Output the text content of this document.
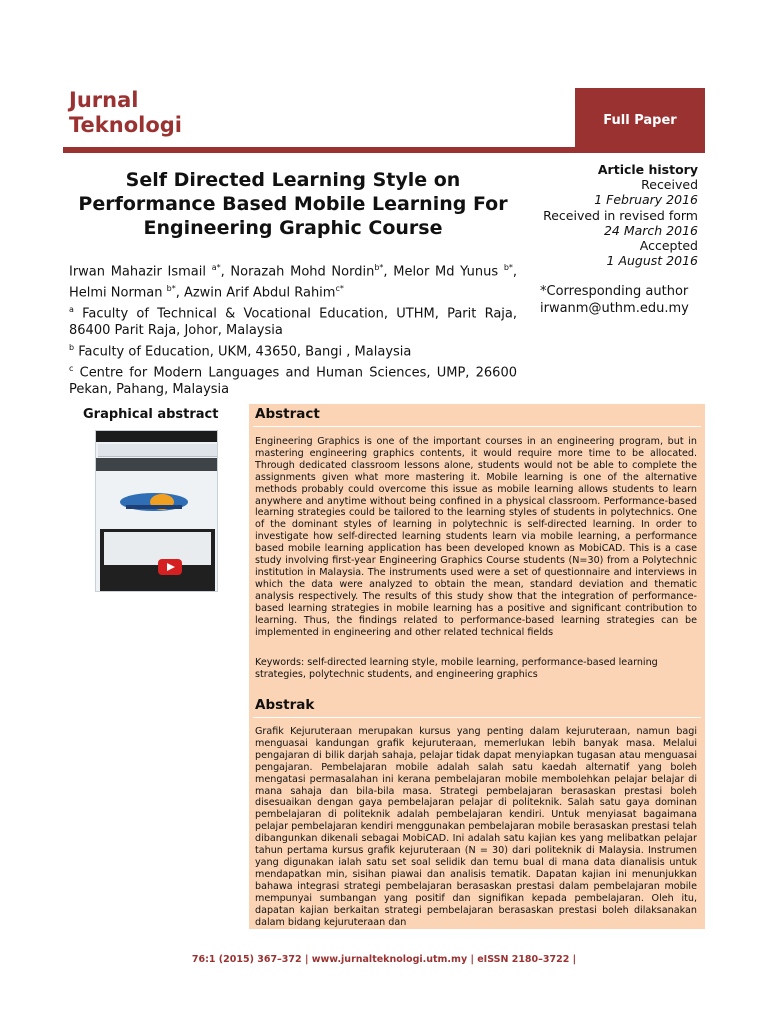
Jurnal
Teknologi	Full Paper
Self Directed Learning Style on Performance Based Mobile Learning For Engineering Graphic Course
Irwan Mahazir Ismail $^{a*}$, Norazah Mohd Nordin$^{b*}$, Melor Md Yunus $^{b*}$, Helmi Norman $^{b*}$, Azwin Arif Abdul Rahim$^{c*}$
$^a$ Faculty of Technical & Vocational Education, UTHM, Parit Raja, 86400 Parit Raja, Johor, Malaysia
$^b$ Faculty of Education, UKM, 43650, Bangi , Malaysia
$^c$ Centre for Modern Languages and Human Sciences, UMP, 26600 Pekan, Pahang, Malaysia
Article history
Received
1 February 2016
Received in revised form
24 March 2016
Accepted
1 August 2016
*Corresponding author
irwanm@uthm.edu.my
Graphical abstract	Abstract

Engineering Graphics is one of the important courses in an engineering program, but in mastering engineering graphics contents, it would require more time to be allocated. Through dedicated classroom lessons alone, students would not be able to complete the assignments given what more mastering it. Mobile learning is one of the alternative methods probably could overcome this issue as mobile learning allows students to learn anywhere and anytime without being confined in a physical classroom. Performance-based learning strategies could be tailored to the learning styles of students in polytechnics. One of the dominant styles of learning in polytechnic is self-directed learning. In order to investigate how self-directed learning students learn via mobile learning, a performance based mobile learning application has been developed known as MobiCAD. This is a case study involving first-year Engineering Graphics Course students (N=30) from a Polytechnic institution in Malaysia. The instruments used were a set of questionnaire and interviews in which the data were analyzed to obtain the mean, standard deviation and thematic analysis respectively. The results of this study show that the integration of performance-based learning strategies in mobile learning has a positive and significant contribution to learning. Thus, the findings related to performance-based learning strategies can be implemented in engineering and other related technical fields

Keywords: self-directed learning style, mobile learning, performance-based learning strategies, polytechnic students, and engineering graphics

Abstrak

Grafik Kejuruteraan merupakan kursus yang penting dalam kejuruteraan, namun bagi menguasai kandungan grafik kejuruteraan, memerlukan lebih banyak masa. Melalui pengajaran di bilik darjah sahaja, pelajar tidak dapat menyiapkan tugasan atau menguasai pengajaran. Pembelajaran mobile adalah salah satu kaedah alternatif yang boleh mengatasi permasalahan ini kerana pembelajaran mobile membolehkan pelajar belajar di mana sahaja dan bila-bila masa. Strategi pembelajaran berasaskan prestasi boleh disesuaikan dengan gaya pembelajaran pelajar di politeknik. Salah satu gaya dominan pembelajaran di politeknik adalah pembelajaran kendiri. Untuk menyiasat bagaimana pelajar pembelajaran kendiri menggunakan pembelajaran mobile berasaskan prestasi telah dibangunkan dikenali sebagai MobiCAD. Ini adalah satu kajian kes yang melibatkan pelajar tahun pertama kursus grafik kejuruteraan (N = 30) dari politeknik di Malaysia. Instrumen yang digunakan ialah satu set soal selidik dan temu bual di mana data dianalisis untuk mendapatkan min, sisihan piawai dan analisis tematik. Dapatan kajian ini menunjukkan bahawa integrasi strategi pembelajaran berasaskan prestasi dalam pembelajaran mobile mempunyai sumbangan yang positif dan signifikan kepada pembelajaran. Oleh itu, dapatan kajian berkaitan strategi pembelajaran berasaskan prestasi boleh dilaksanakan dalam bidang kejuruteraan dan

76:1 (2015) 367–372 | www.jurnalteknologi.utm.my | eISSN 2180–3722 |
